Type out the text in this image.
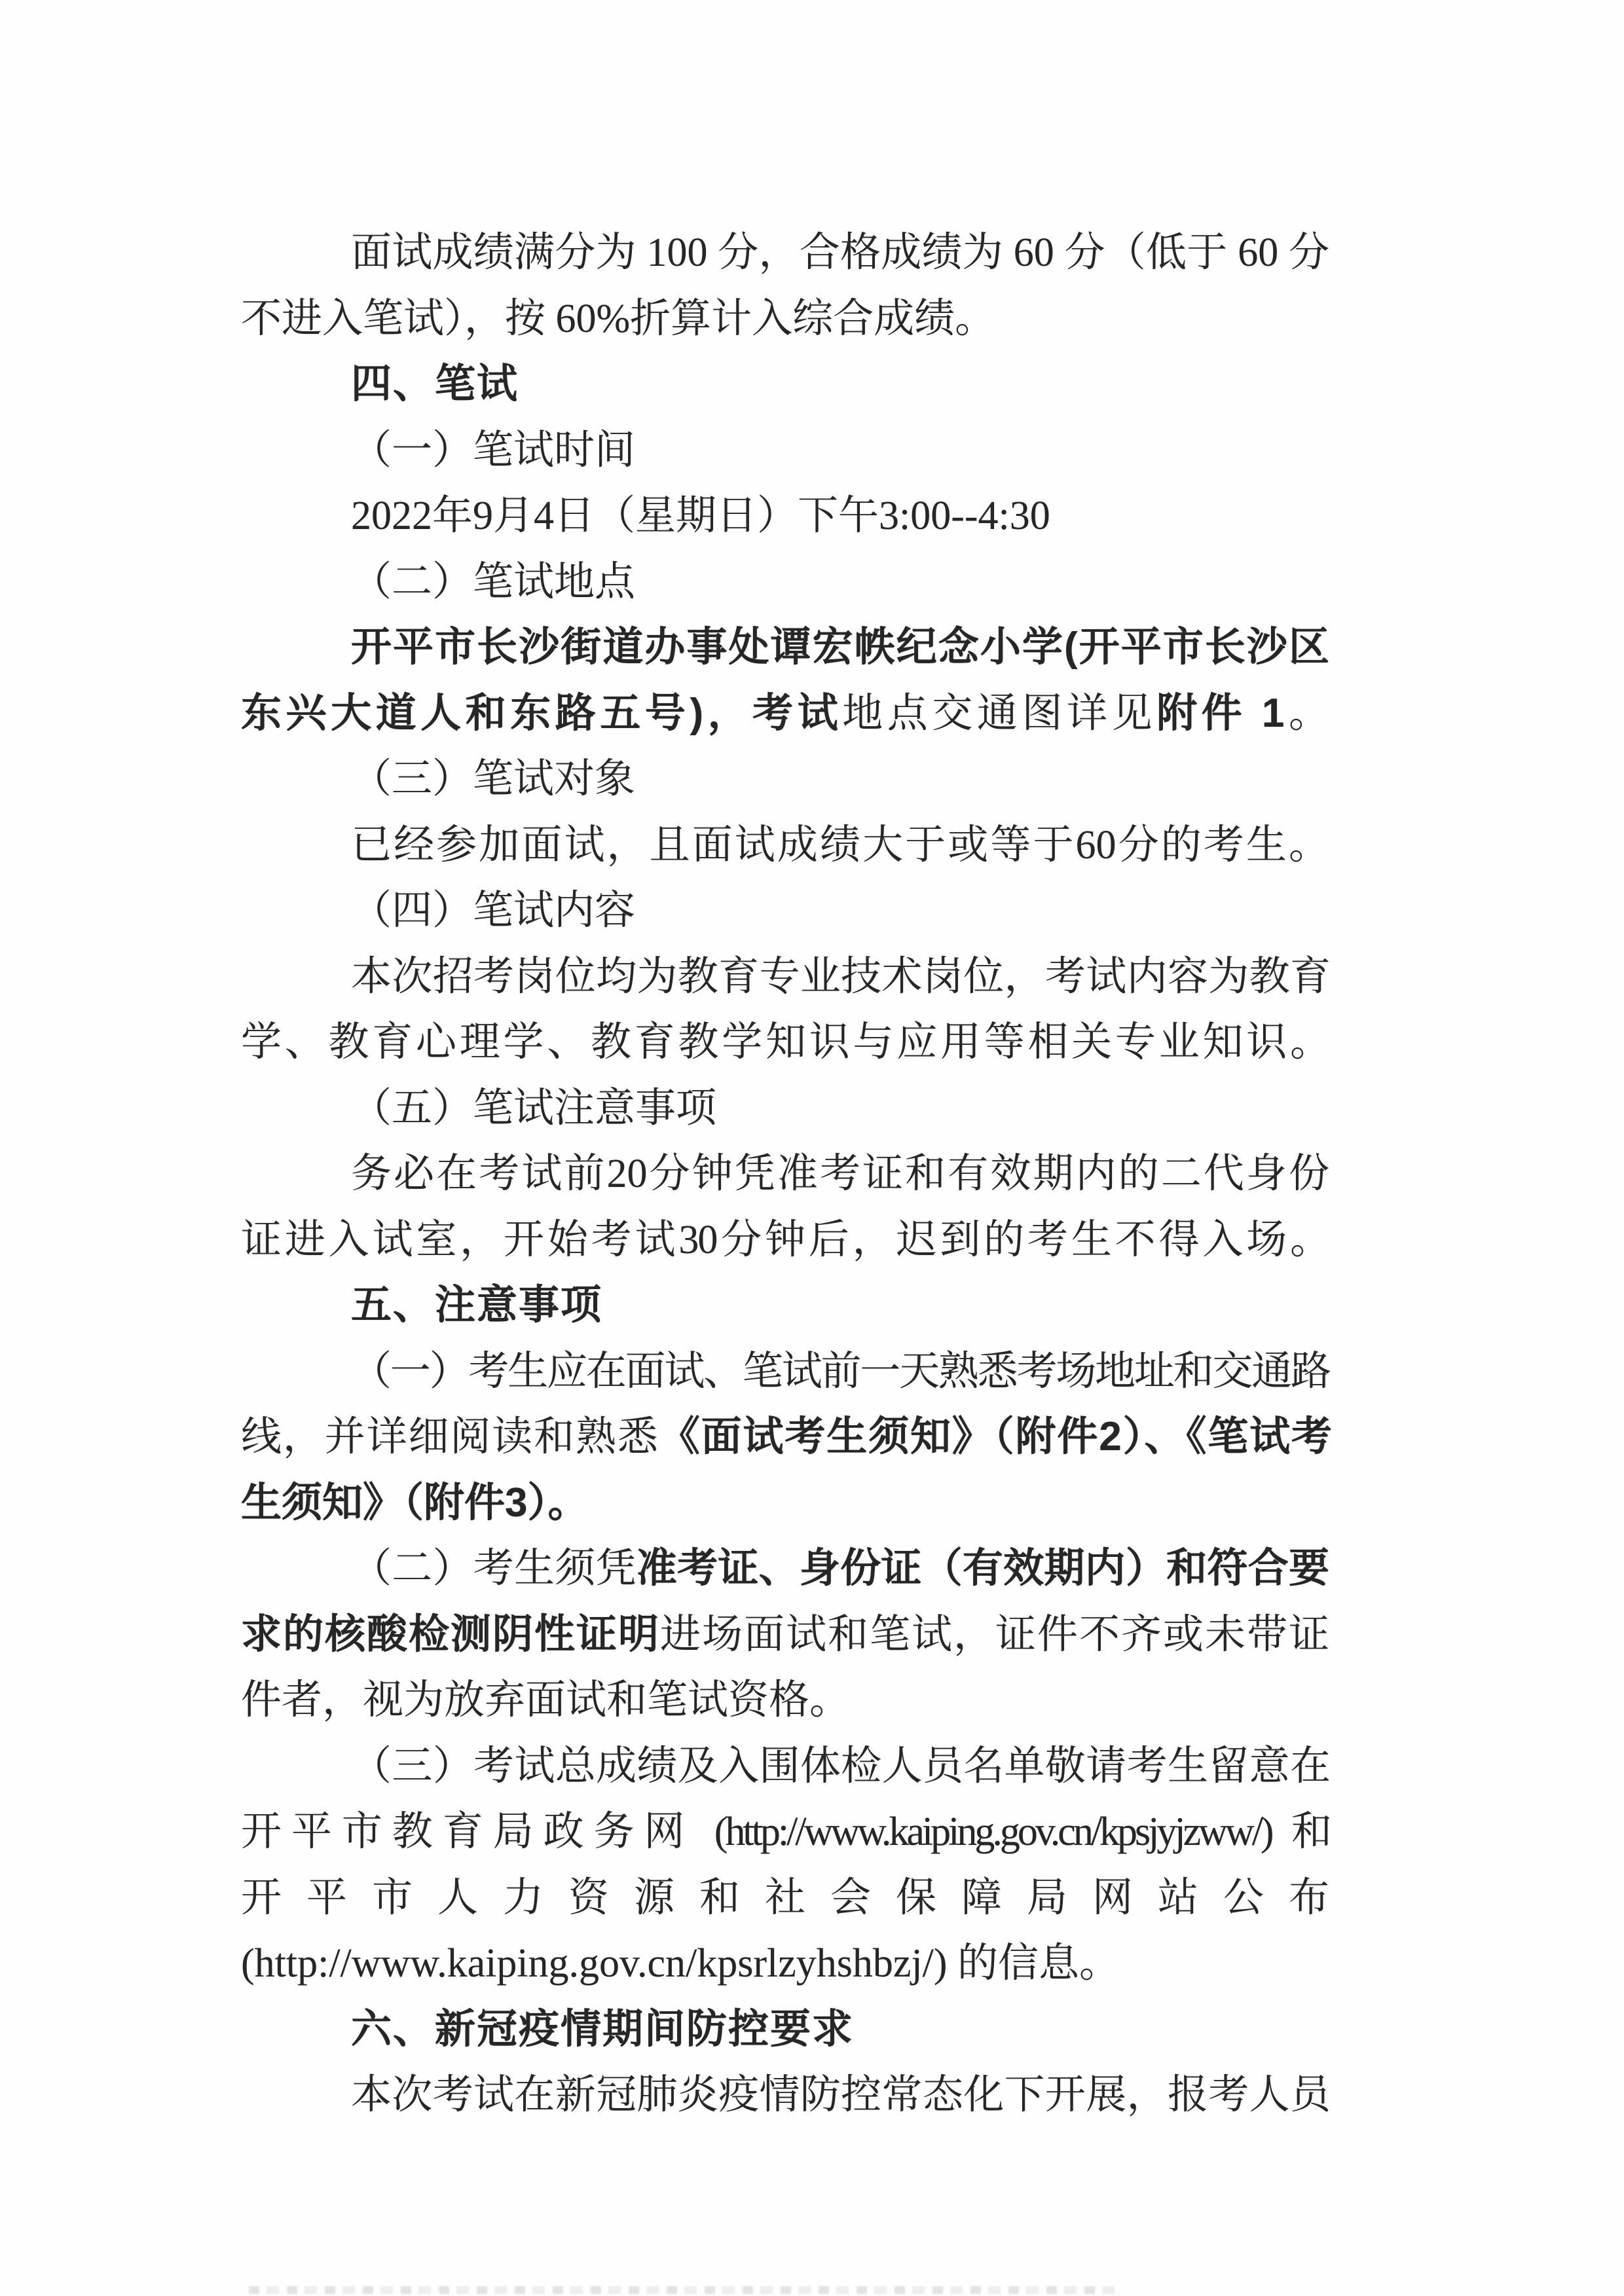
面试成绩满分为 100 分，合格成绩为 60 分（低于 60 分
不进入笔试），按 60%折算计入综合成绩。
四、笔试
（一）笔试时间
2022年9月4日（星期日）下午3:00--4:30
（二）笔试地点
开平市长沙街道办事处谭宏帙纪念小学(开平市长沙区
东兴大道人和东路五号)，考试地点交通图详见附件 1。
（三）笔试对象
已经参加面试，且面试成绩大于或等于60分的考生。
（四）笔试内容
本次招考岗位均为教育专业技术岗位，考试内容为教育
学、教育心理学、教育教学知识与应用等相关专业知识。
（五）笔试注意事项
务必在考试前20分钟凭准考证和有效期内的二代身份
证进入试室，开始考试30分钟后，迟到的考生不得入场。
五、注意事项
（一）考生应在面试、笔试前一天熟悉考场地址和交通路
线，并详细阅读和熟悉《面试考生须知》（附件2）、《笔试考
生须知》（附件3）。
（二）考生须凭准考证、身份证（有效期内）和符合要
求的核酸检测阴性证明进场面试和笔试，证件不齐或未带证
件者，视为放弃面试和笔试资格。
（三）考试总成绩及入围体检人员名单敬请考生留意在
开平市教育局政务网 (http://www.kaiping.gov.cn/kpsjyjzww/) 和
开平市人力资源和社会保障局网站公布
(http://www.kaiping.gov.cn/kpsrlzyhshbzj/) 的信息。
六、新冠疫情期间防控要求
本次考试在新冠肺炎疫情防控常态化下开展，报考人员
